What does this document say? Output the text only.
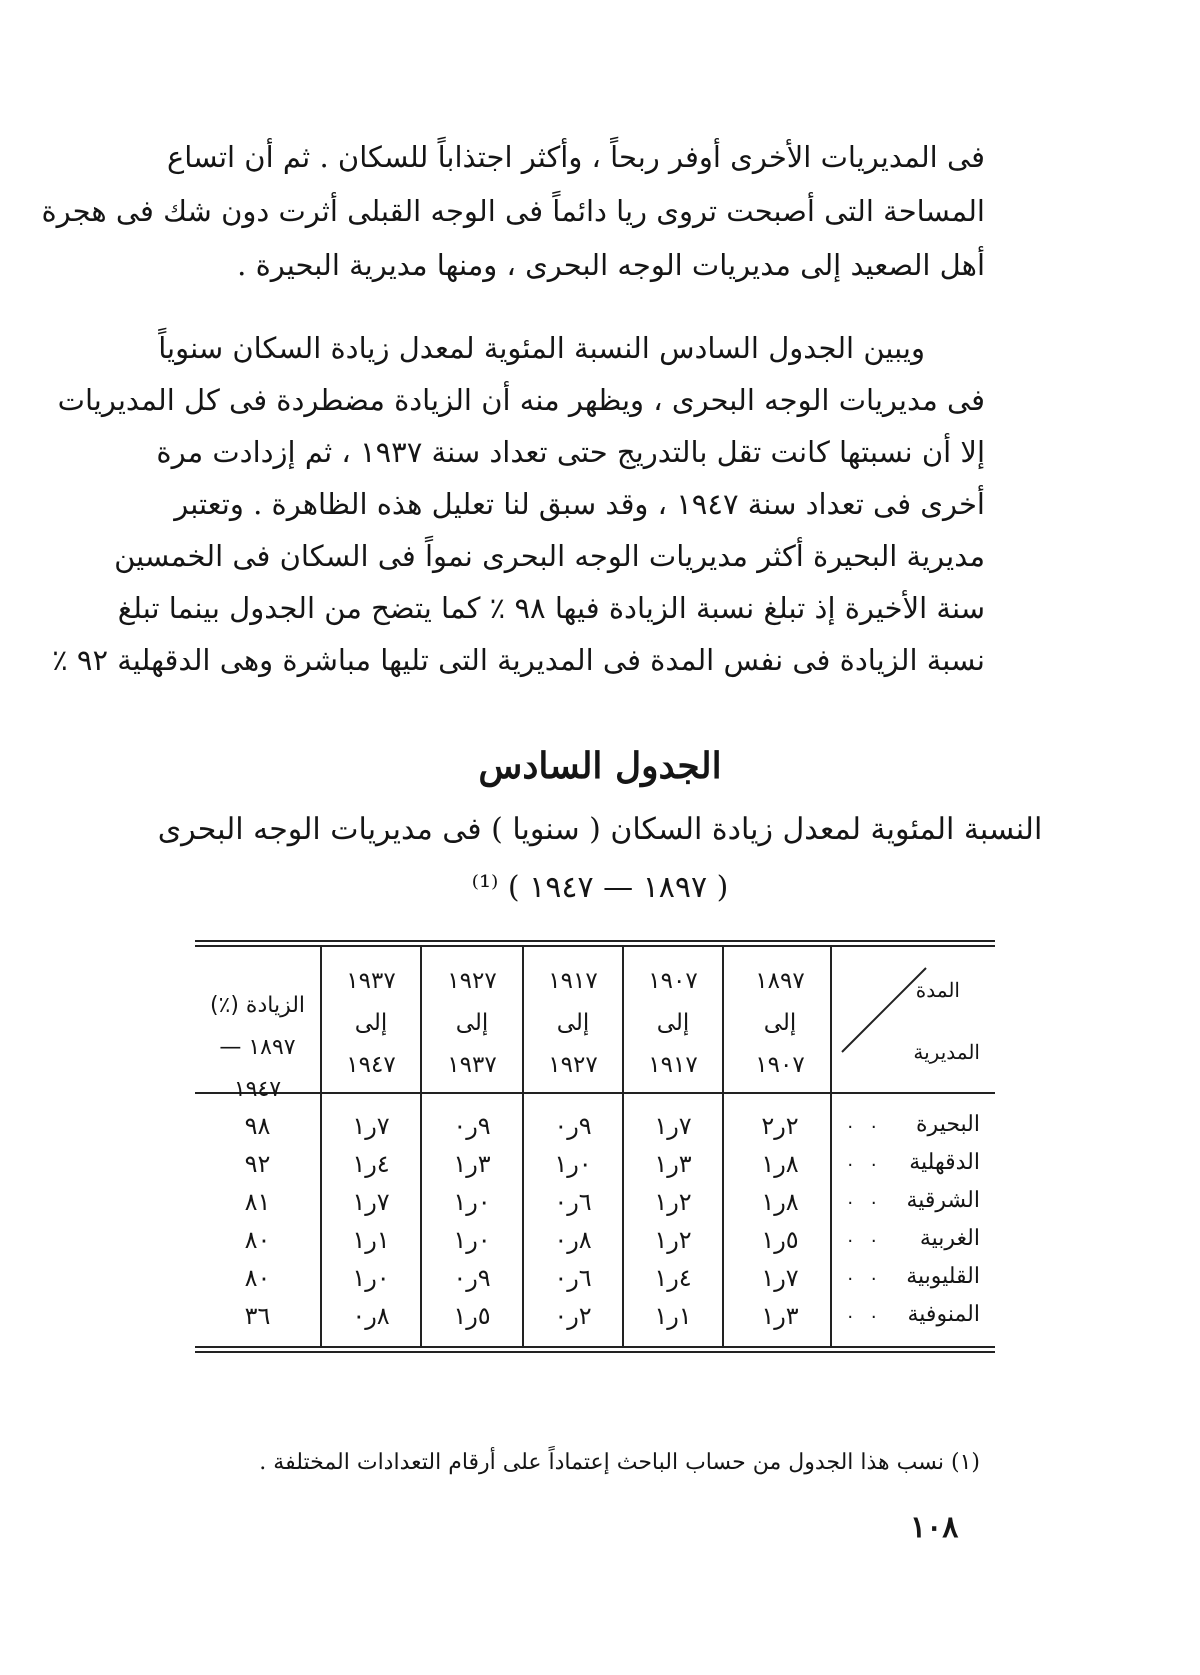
فى المديريات الأخرى أوفر ربحاً ، وأكثر اجتذاباً للسكان . ثم أن اتساع
المساحة التى أصبحت تروى ريا دائماً فى الوجه القبلى أثرت دون شك فى هجرة
أهل الصعيد إلى مديريات الوجه البحرى ، ومنها مديرية البحيرة .
ويبين الجدول السادس النسبة المئوية لمعدل زيادة السكان سنوياً
فى مديريات الوجه البحرى ، ويظهر منه أن الزيادة مضطردة فى كل المديريات
إلا أن نسبتها كانت تقل بالتدريج حتى تعداد سنة ١٩٣٧ ، ثم إزدادت مرة
أخرى فى تعداد سنة ١٩٤٧ ، وقد سبق لنا تعليل هذه الظاهرة . وتعتبر
مديرية البحيرة أكثر مديريات الوجه البحرى نمواً فى السكان فى الخمسين
سنة الأخيرة إذ تبلغ نسبة الزيادة فيها ٩٨ ٪ كما يتضح من الجدول بينما تبلغ
نسبة الزيادة فى نفس المدة فى المديرية التى تليها مباشرة وهى الدقهلية ٩٢ ٪
الجدول السادس
النسبة المئوية لمعدل زيادة السكان ( سنويا ) فى مديريات الوجه البحرى
( ١٨٩٧ — ١٩٤٧ ) ⁽¹⁾
المدة
المديرية
١٨٩٧
إلى
١٩٠٧
١٩٠٧
إلى
١٩١٧
١٩١٧
إلى
١٩٢٧
١٩٢٧
إلى
١٩٣٧
١٩٣٧
إلى
١٩٤٧
الزيادة (٪)
١٨٩٧ — ١٩٤٧
البحيرة
. .
٢ر٢
٧ر١
٩ر٠
٩ر٠
٧ر١
٩٨
الدقهلية
. .
٨ر١
٣ر١
٠ر١
٣ر١
٤ر١
٩٢
الشرقية
. .
٨ر١
٢ر١
٦ر٠
٠ر١
٧ر١
٨١
الغربية
. .
٥ر١
٢ر١
٨ر٠
٠ر١
١ر١
٨٠
القليوبية
. .
٧ر١
٤ر١
٦ر٠
٩ر٠
٠ر١
٨٠
المنوفية
. .
٣ر١
١ر١
٢ر٠
٥ر١
٨ر٠
٣٦
(١) نسب هذا الجدول من حساب الباحث إعتماداً على أرقام التعدادات المختلفة .
١٠٨
